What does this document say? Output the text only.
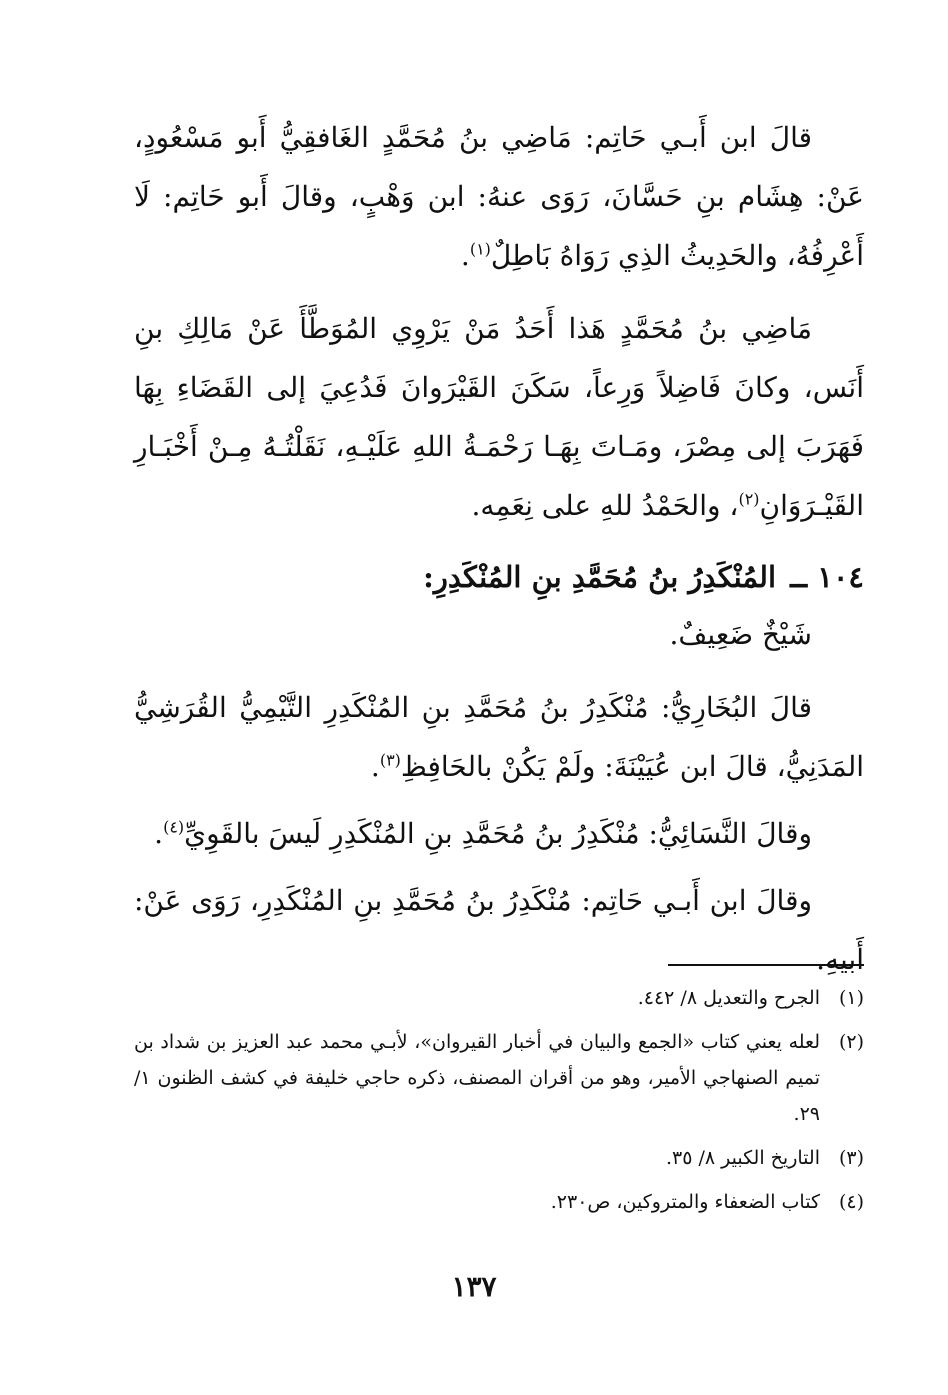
قالَ ابن أَبـي حَاتِم: مَاضِي بنُ مُحَمَّدٍ الغَافقِيُّ أَبو مَسْعُودٍ، عَنْ: هِشَام بنِ حَسَّانَ، رَوَى عنهُ: ابن وَهْبٍ، وقالَ أَبو حَاتِم: لَا أَعْرِفُهُ، والحَدِيثُ الذِي رَوَاهُ بَاطِلٌ$^{(١)}$.

مَاضِي بنُ مُحَمَّدٍ هَذا أَحَدُ مَنْ يَرْوِي المُوَطَّأَ عَنْ مَالِكِ بنِ أَنَس، وكانَ فَاضِلاً وَرِعاً، سَكَنَ القَيْرَوانَ فَدُعِيَ إلى القَضَاءِ بِهَا فَهَرَبَ إلى مِصْرَ، ومَـاتَ بِهَـا رَحْمَـةُ اللهِ عَلَيْـهِ، نَقَلْتُـهُ مِـنْ أَخْبَـارِ القَيْـرَوَانِ$^{(٢)}$، والحَمْدُ للهِ على نِعَمِه.

١٠٤ ــ المُنْكَدِرُ بنُ مُحَمَّدِ بنِ المُنْكَدِرِ:
شَيْخٌ ضَعِيفٌ.

قالَ البُخَارِيُّ: مُنْكَدِرُ بنُ مُحَمَّدِ بنِ المُنْكَدِرِ التَّيْمِيُّ القُرَشِيُّ المَدَنِيُّ، قالَ ابن عُيَيْنَةَ: ولَمْ يَكُنْ بالحَافِظِ$^{(٣)}$.

وقالَ النَّسَائِيُّ: مُنْكَدِرُ بنُ مُحَمَّدِ بنِ المُنْكَدِرِ لَيسَ بالقَوِيِّ$^{(٤)}$.

وقالَ ابن أَبـي حَاتِم: مُنْكَدِرُ بنُ مُحَمَّدِ بنِ المُنْكَدِرِ، رَوَى عَنْ: أَبيهِ.

(١)
الجرح والتعديل ٨/ ٤٤٢.
(٢)
لعله يعني كتاب «الجمع والبيان في أخبار القيروان»، لأبـي محمد عبد العزيز بن شداد بن تميم الصنهاجي الأمير، وهو من أقران المصنف، ذكره حاجي خليفة في كشف الظنون ١/ ٢٩.
(٣)
التاريخ الكبير ٨/ ٣٥.
(٤)
كتاب الضعفاء والمتروكين، ص٢٣٠.
١٣٧
